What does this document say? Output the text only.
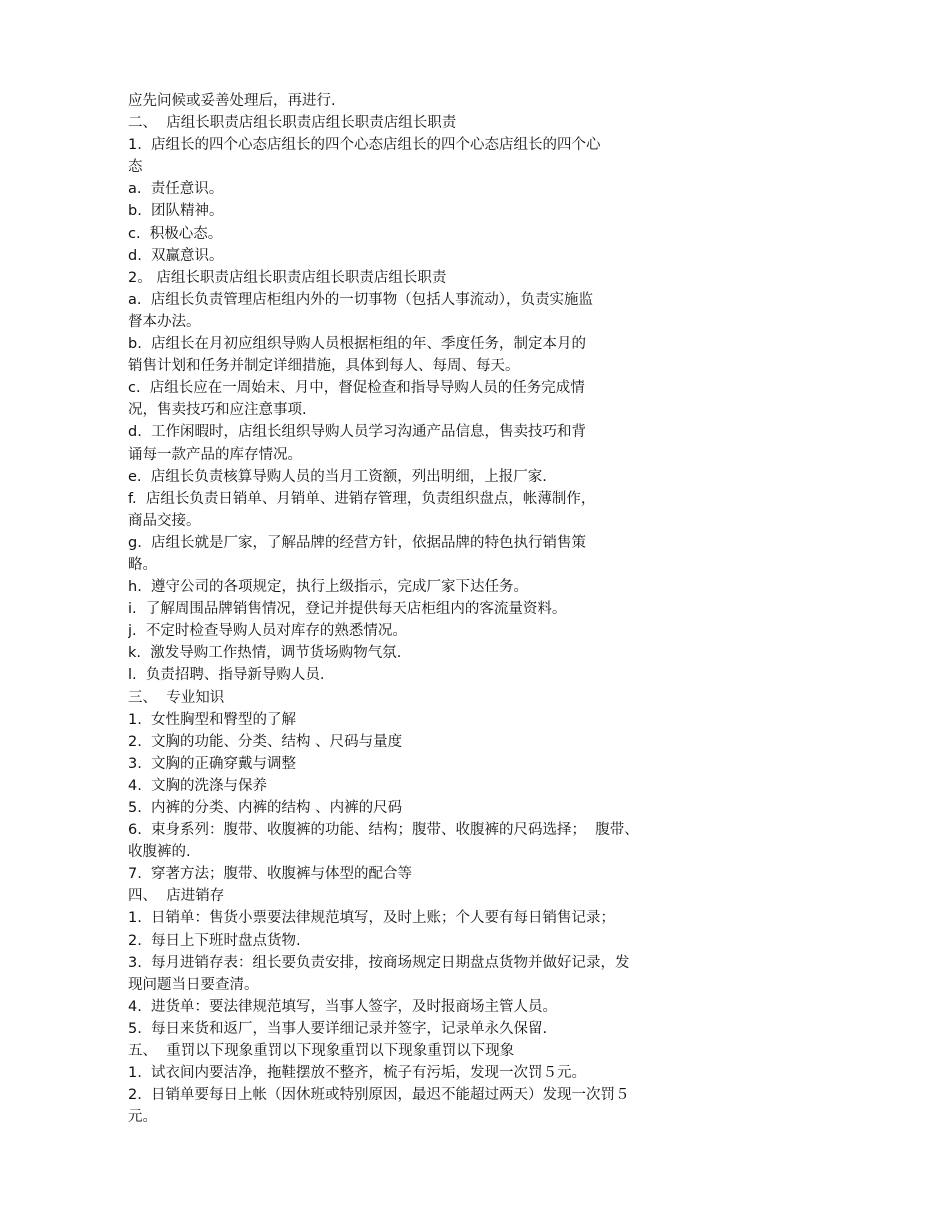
应先问候或妥善处理后，再进行.
二、  店组长职责店组长职责店组长职责店组长职责
1.  店组长的四个心态店组长的四个心态店组长的四个心态店组长的四个心
态
a.  责任意识。
b.  团队精神。
c.  积极心态。
d.  双赢意识。
2。 店组长职责店组长职责店组长职责店组长职责
a.  店组长负责管理店柜组内外的一切事物（包括人事流动），负责实施监
督本办法。
b.  店组长在月初应组织导购人员根据柜组的年、季度任务，制定本月的
销售计划和任务并制定详细措施，具体到每人、每周、每天。
c.  店组长应在一周始末、月中，督促检查和指导导购人员的任务完成情
况，售卖技巧和应注意事项.
d.  工作闲暇时，店组长组织导购人员学习沟通产品信息，售卖技巧和背
诵每一款产品的库存情况。
e.  店组长负责核算导购人员的当月工资额，列出明细，上报厂家.
f.  店组长负责日销单、月销单、进销存管理，负责组织盘点，帐薄制作，
商品交接。
g.  店组长就是厂家，了解品牌的经营方针，依据品牌的特色执行销售策
略。
h.  遵守公司的各项规定，执行上级指示，完成厂家下达任务。
i.  了解周围品牌销售情况，登记并提供每天店柜组内的客流量资料。
j.  不定时检查导购人员对库存的熟悉情况。
k.  激发导购工作热情，调节货场购物气氛.
l.  负责招聘、指导新导购人员.
三、  专业知识
1.  女性胸型和臀型的了解
2.  文胸的功能、分类、结构 、尺码与量度
3.  文胸的正确穿戴与调整
4.  文胸的洗涤与保养
5.  内裤的分类、内裤的结构 、内裤的尺码
6.  束身系列：腹带、收腹裤的功能、结构；腹带、收腹裤的尺码选择；  腹带、
收腹裤的.
7.  穿著方法；腹带、收腹裤与体型的配合等
四、  店进销存
1.  日销单：售货小票要法律规范填写，及时上账；个人要有每日销售记录；
2.  每日上下班时盘点货物.
3.  每月进销存表：组长要负责安排，按商场规定日期盘点货物并做好记录，发
现问题当日要查清。
4.  进货单：要法律规范填写，当事人签字，及时报商场主管人员。
5.  每日来货和返厂，当事人要详细记录并签字，记录单永久保留.
五、  重罚以下现象重罚以下现象重罚以下现象重罚以下现象
1.  试衣间内要洁净，拖鞋摆放不整齐，梳子有污垢，发现一次罚５元。
2.  日销单要每日上帐（因休班或特别原因，最迟不能超过两天）发现一次罚５
元。
